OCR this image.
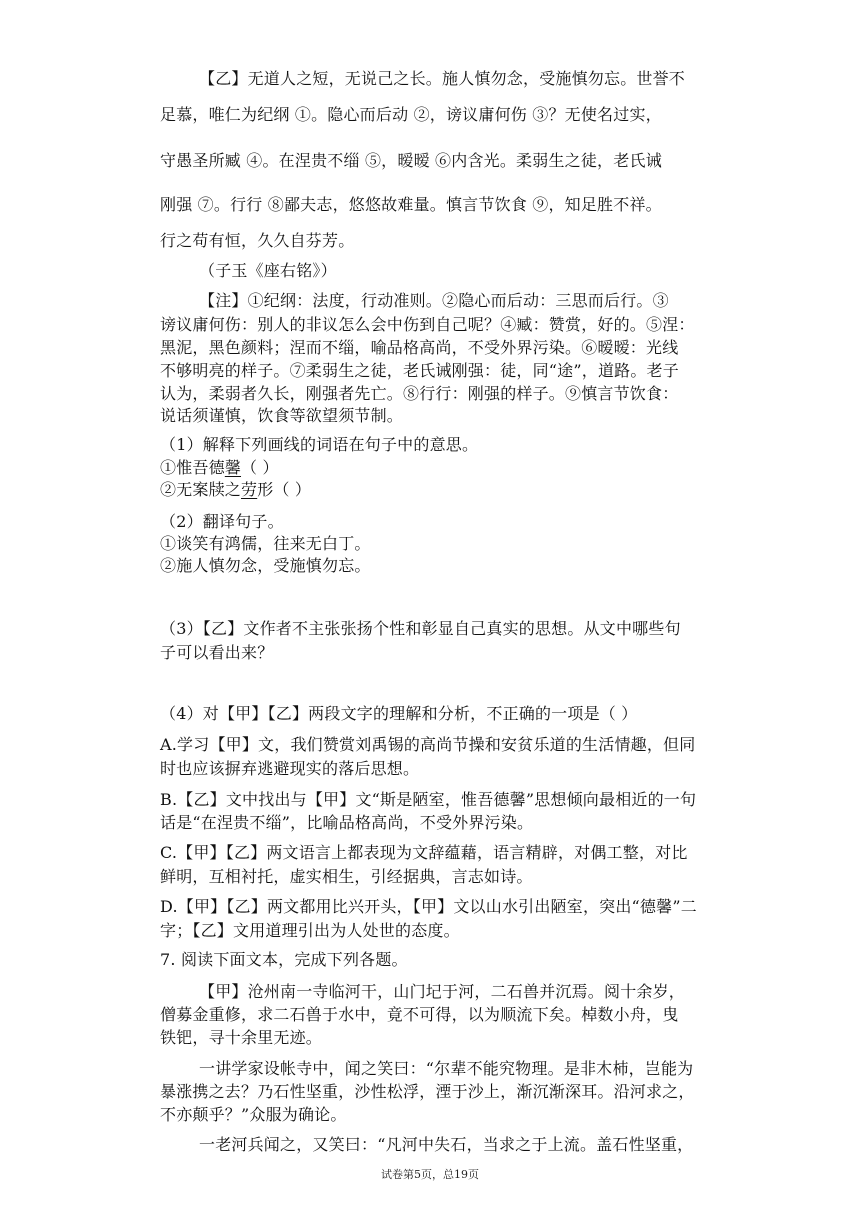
【乙】无道人之短，无说己之长。施人慎勿念，受施慎勿忘。世誉不
足慕，唯仁为纪纲 ①。隐心而后动 ②，谤议庸何伤 ③？无使名过实，
守愚圣所臧 ④。在涅贵不缁 ⑤，暧暧 ⑥内含光。柔弱生之徒，老氏诫
刚强 ⑦。行行 ⑧鄙夫志，悠悠故难量。慎言节饮食 ⑨，知足胜不祥。
行之苟有恒，久久自芬芳。
（子玉《座右铭》）
【注】①纪纲：法度，行动准则。②隐心而后动：三思而后行。③
谤议庸何伤：别人的非议怎么会中伤到自己呢？④臧：赞赏，好的。⑤涅：
黑泥，黑色颜料；涅而不缁，喻品格高尚，不受外界污染。⑥暧暧：光线
不够明亮的样子。⑦柔弱生之徒，老氏诫刚强：徒，同“途”，道路。老子
认为，柔弱者久长，刚强者先亡。⑧行行：刚强的样子。⑨慎言节饮食：
说话须谨慎，饮食等欲望须节制。
（1）解释下列画线的词语在句子中的意思。
①惟吾德馨（ ）
②无案牍之劳形（ ）
（2）翻译句子。
①谈笑有鸿儒，往来无白丁。
②施人慎勿念，受施慎勿忘。
（3）【乙】文作者不主张张扬个性和彰显自己真实的思想。从文中哪些句
子可以看出来？
（4）对【甲】【乙】两段文字的理解和分析，不正确的一项是（ ）
A.学习【甲】文，我们赞赏刘禹锡的高尚节操和安贫乐道的生活情趣，但同
时也应该摒弃逃避现实的落后思想。
B.【乙】文中找出与【甲】文“斯是陋室，惟吾德馨”思想倾向最相近的一句
话是“在涅贵不缁”，比喻品格高尚，不受外界污染。
C.【甲】【乙】两文语言上都表现为文辞蕴藉，语言精辟，对偶工整，对比
鲜明，互相衬托，虚实相生，引经据典，言志如诗。
D.【甲】【乙】两文都用比兴开头，【甲】文以山水引出陋室，突出“德馨”二
字；【乙】文用道理引出为人处世的态度。
7. 阅读下面文本，完成下列各题。
【甲】沧州南一寺临河干，山门圮于河，二石兽并沉焉。阅十余岁，
僧募金重修，求二石兽于水中，竟不可得，以为顺流下矣。棹数小舟，曳
铁钯，寻十余里无迹。
一讲学家设帐寺中，闻之笑曰：“尔辈不能究物理。是非木杮，岂能为
暴涨携之去？乃石性坚重，沙性松浮，湮于沙上，渐沉渐深耳。沿河求之，
不亦颠乎？”众服为确论。
一老河兵闻之，又笑曰：“凡河中失石，当求之于上流。盖石性坚重，
试卷第5页，总19页
